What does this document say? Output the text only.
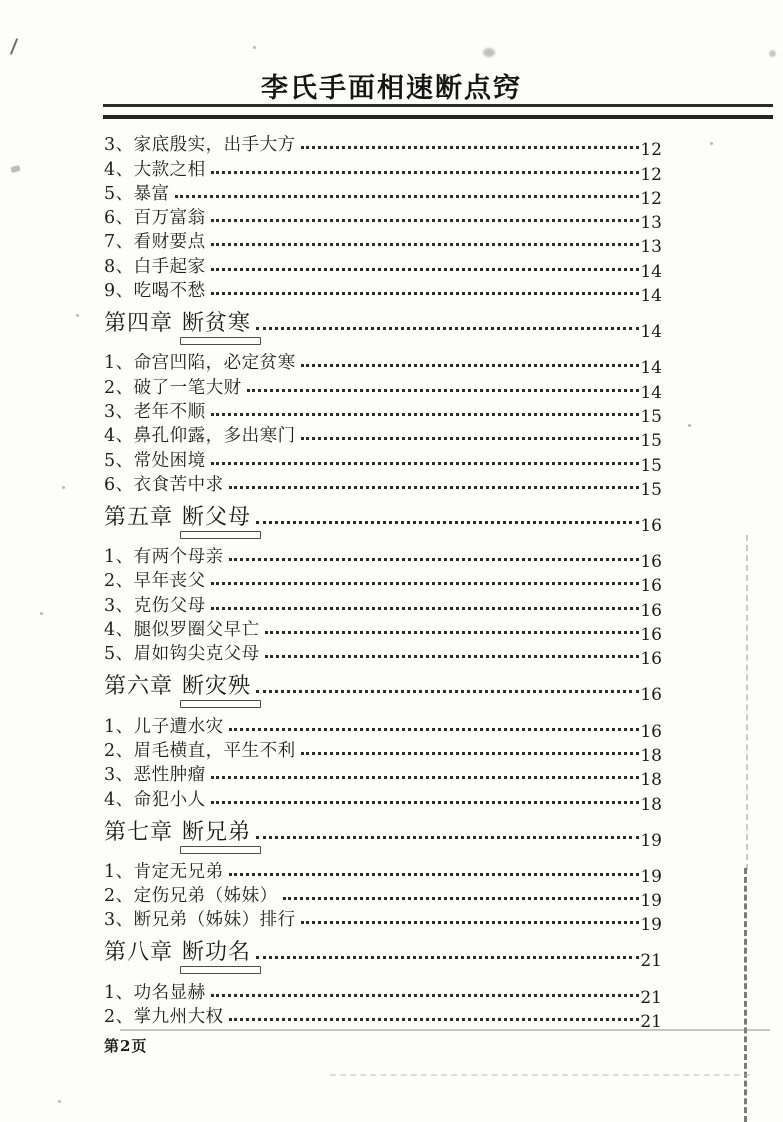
李氏手面相速断点窍
3、家底殷实，出手大方	12
4、大款之相	12
5、暴富	12
6、百万富翁	13
7、看财要点	13
8、白手起家	14
9、吃喝不愁	14
第四章 断贫寒	14
1、命宫凹陷，必定贫寒	14
2、破了一笔大财	14
3、老年不顺	15
4、鼻孔仰露，多出寒门	15
5、常处困境	15
6、衣食苦中求	15
第五章 断父母	16
1、有两个母亲	16
2、早年丧父	16
3、克伤父母	16
4、腿似罗圈父早亡	16
5、眉如钩尖克父母	16
第六章 断灾殃	16
1、儿子遭水灾	16
2、眉毛横直，平生不利	18
3、恶性肿瘤	18
4、命犯小人	18
第七章 断兄弟	19
1、肯定无兄弟	19
2、定伤兄弟（姊妹）	19
3、断兄弟（姊妹）排行	19
第八章 断功名	21
1、功名显赫	21
2、掌九州大权	21
第2页
